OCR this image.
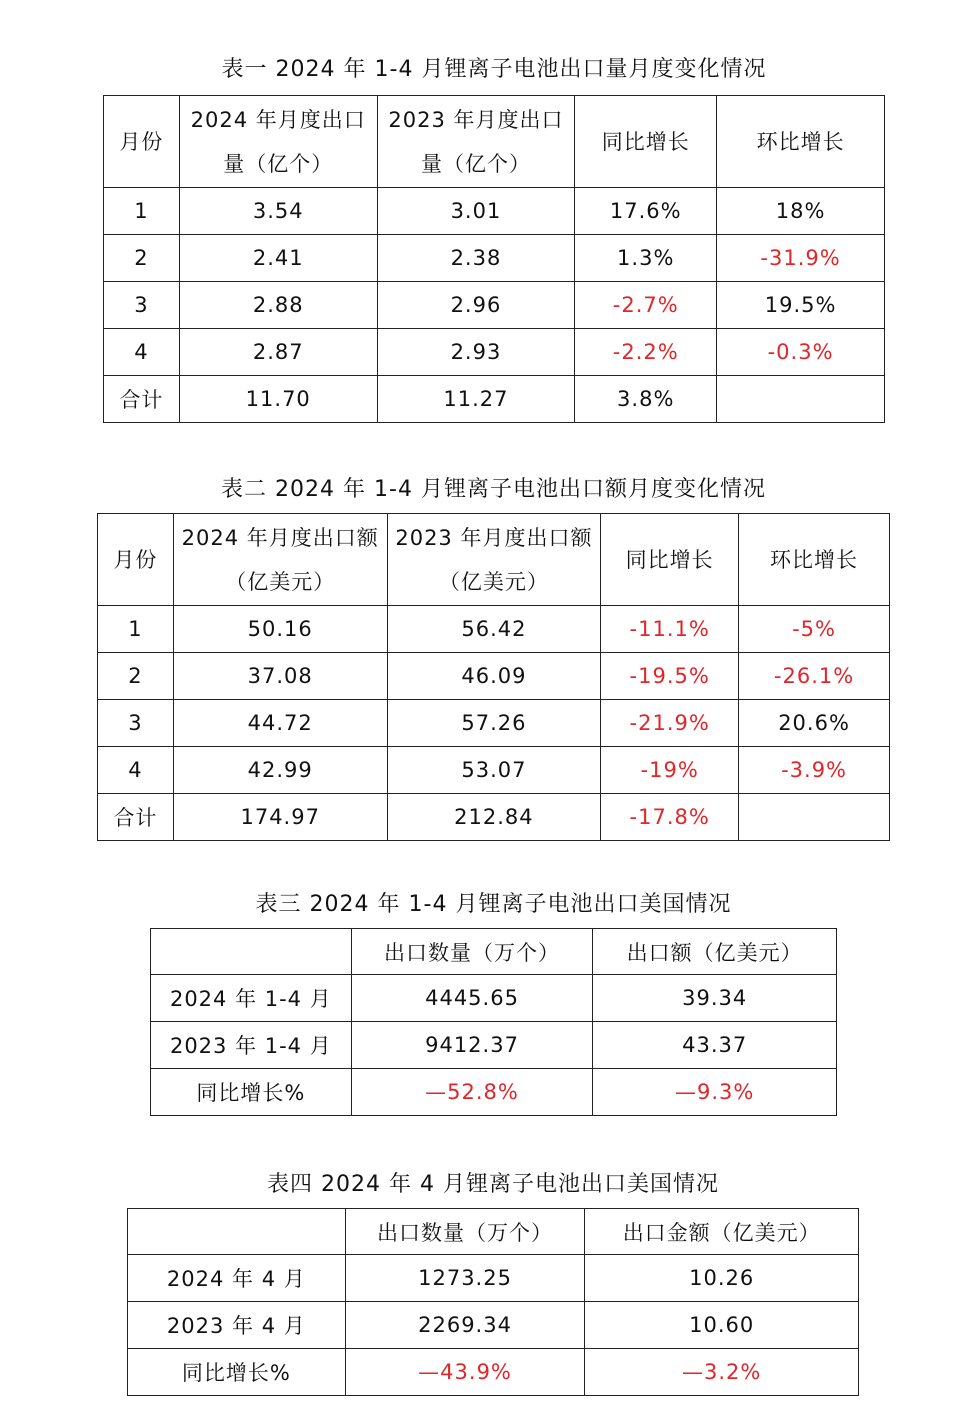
表一 2024 年 1-4 月锂离子电池出口量月度变化情况
月份	2024 年月度出口量（亿个）	2023 年月度出口量（亿个）	同比增长	环比增长
1	3.54	3.01	17.6%	18%
2	2.41	2.38	1.3%	-31.9%
3	2.88	2.96	-2.7%	19.5%
4	2.87	2.93	-2.2%	-0.3%
合计	11.70	11.27	3.8%	
表二 2024 年 1-4 月锂离子电池出口额月度变化情况
月份	2024 年月度出口额（亿美元）	2023 年月度出口额（亿美元）	同比增长	环比增长
1	50.16	56.42	-11.1%	-5%
2	37.08	46.09	-19.5%	-26.1%
3	44.72	57.26	-21.9%	20.6%
4	42.99	53.07	-19%	-3.9%
合计	174.97	212.84	-17.8%	
表三 2024 年 1-4 月锂离子电池出口美国情况
	出口数量（万个）	出口额（亿美元）
2024 年 1-4 月	4445.65	39.34
2023 年 1-4 月	9412.37	43.37
同比增长%	—52.8%	—9.3%
表四 2024 年 4 月锂离子电池出口美国情况
	出口数量（万个）	出口金额（亿美元）
2024 年 4 月	1273.25	10.26
2023 年 4 月	2269.34	10.60
同比增长%	—43.9%	—3.2%
